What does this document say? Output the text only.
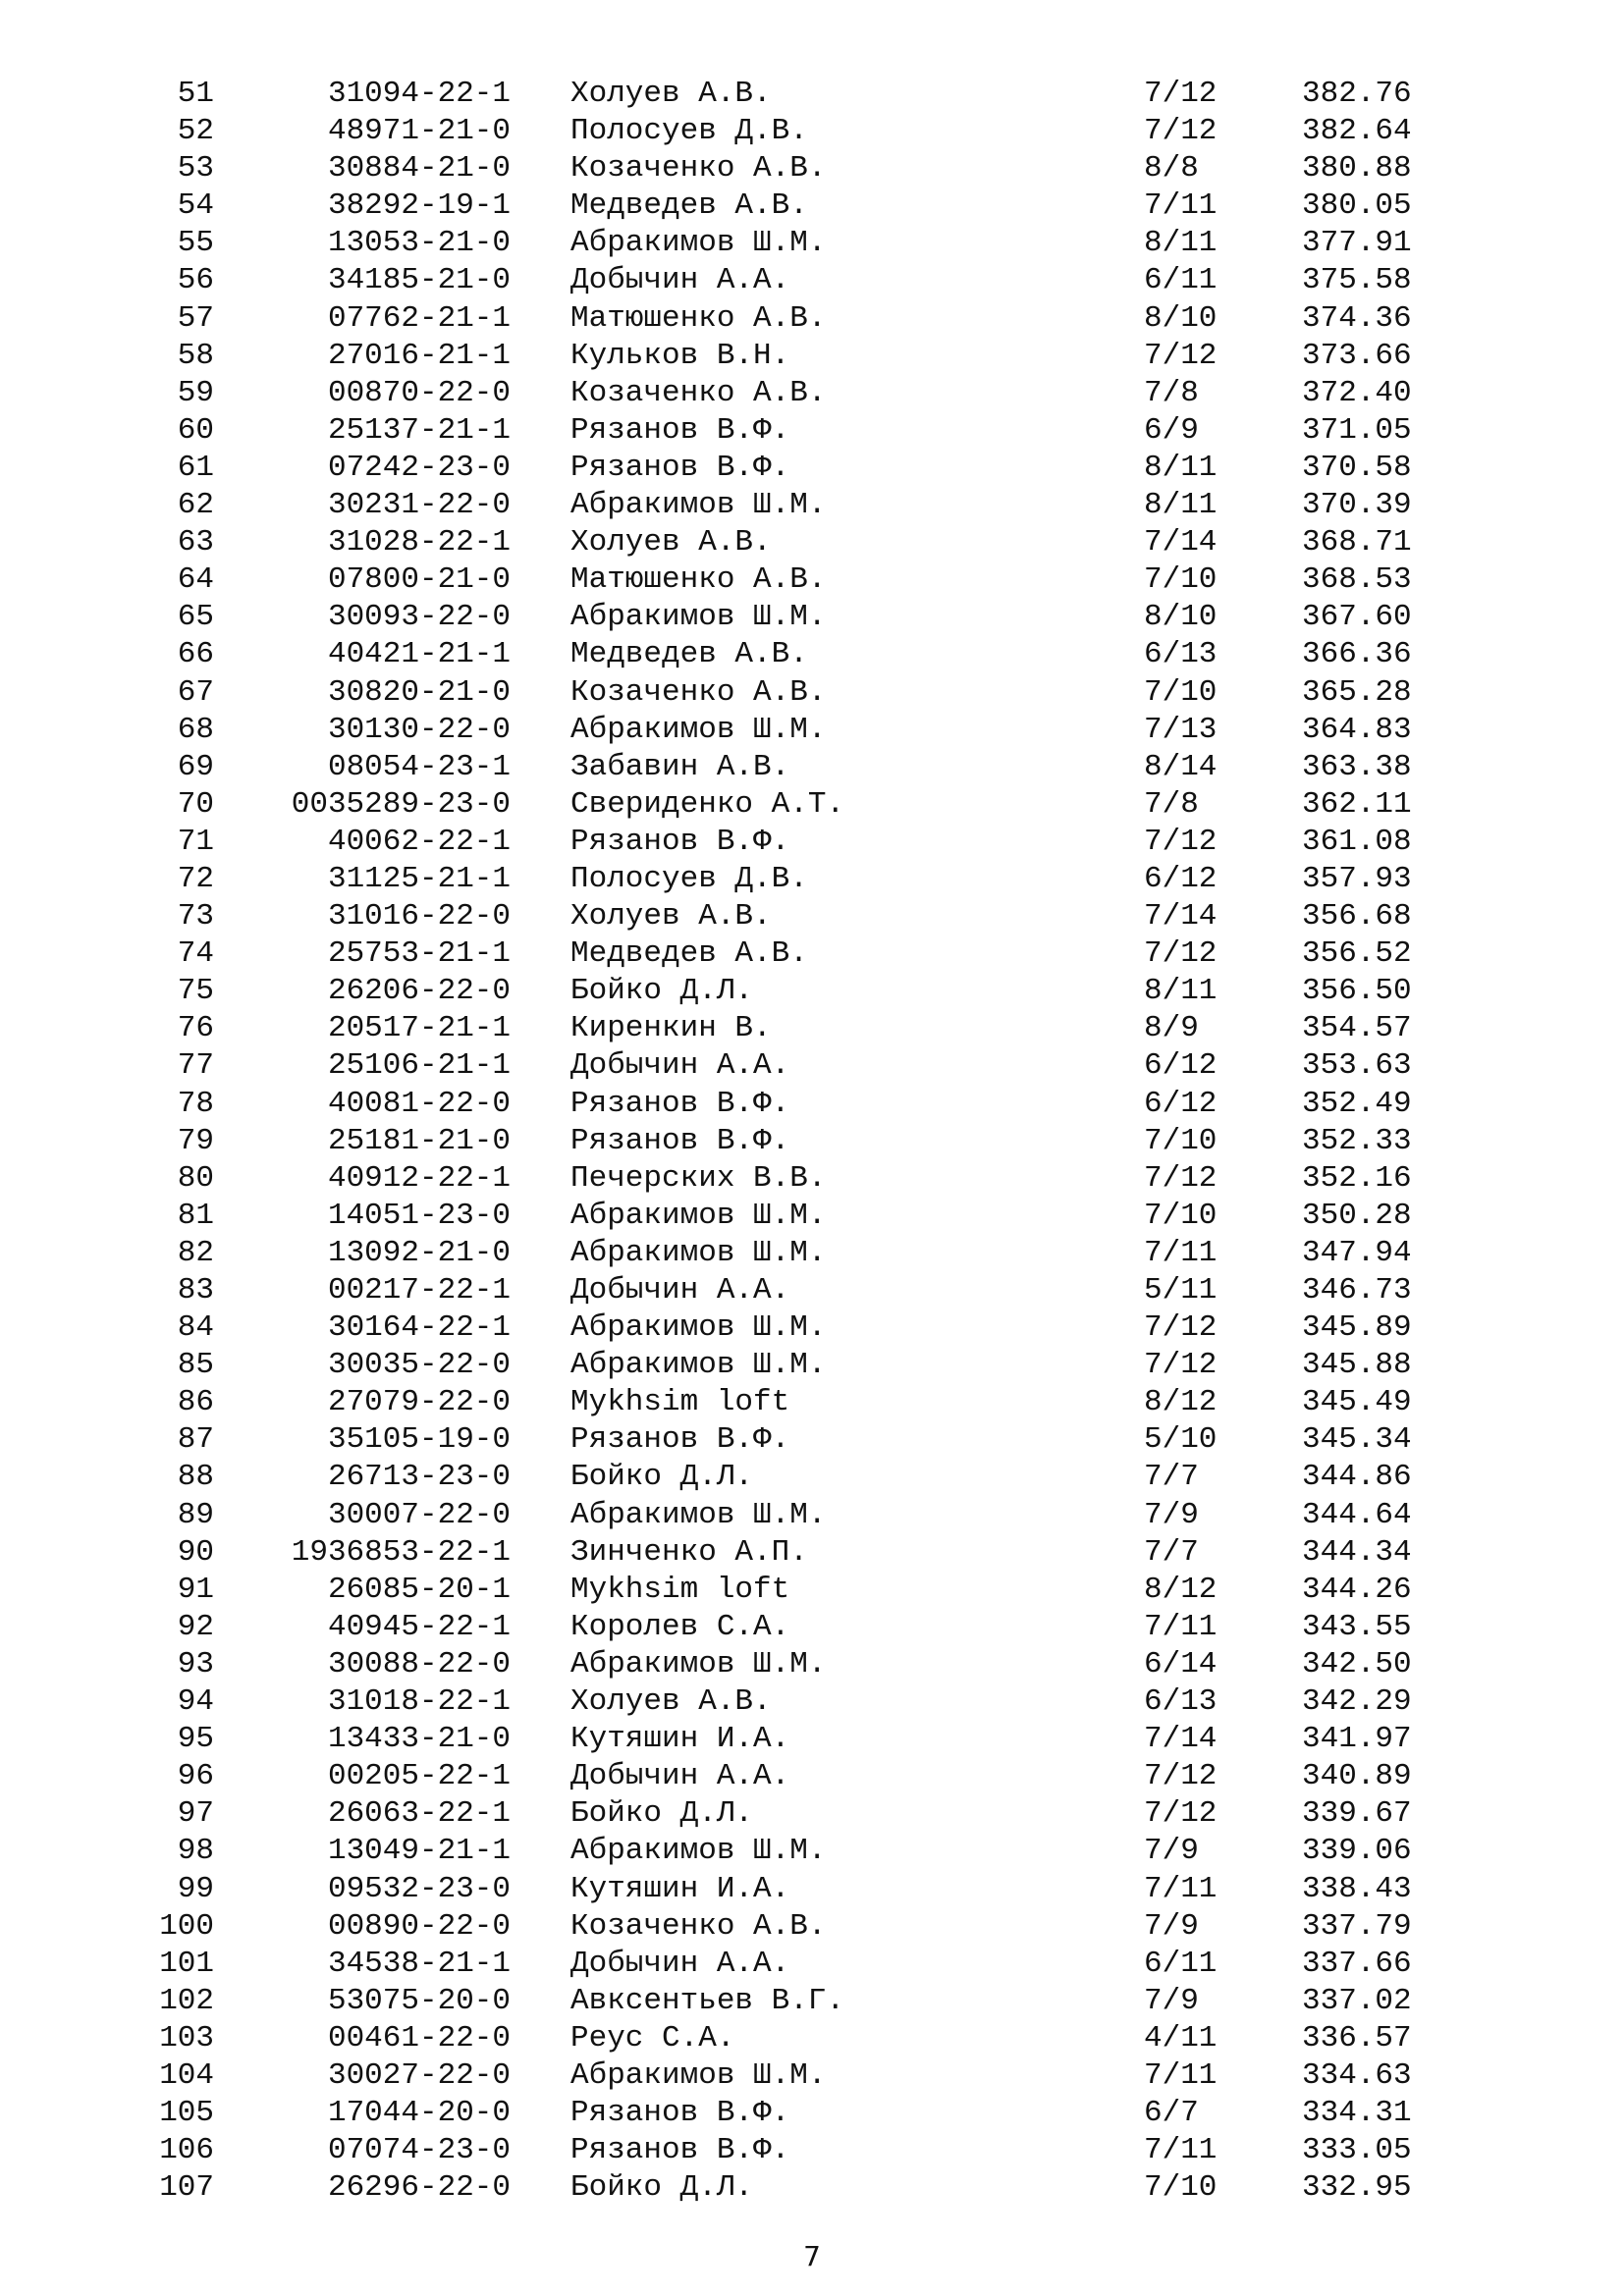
51	31094-22-1 Холуев А.В.	7/12	382.76
52	48971-21-0 Полосуев Д.В.	7/12	382.64
53	30884-21-0 Козаченко А.В.	8/8	380.88
54	38292-19-1 Медведев А.В.	7/11	380.05
55	13053-21-0 Абракимов Ш.М.	8/11	377.91
56	34185-21-0 Добычин А.А.	6/11	375.58
57	07762-21-1 Матюшенко А.В.	8/10	374.36
58	27016-21-1 Кульков В.Н.	7/12	373.66
59	00870-22-0 Козаченко А.В.	7/8	372.40
60	25137-21-1 Рязанов В.Ф.	6/9	371.05
61	07242-23-0 Рязанов В.Ф.	8/11	370.58
62	30231-22-0 Абракимов Ш.М.	8/11	370.39
63	31028-22-1 Холуев А.В.	7/14	368.71
64	07800-21-0 Матюшенко А.В.	7/10	368.53
65	30093-22-0 Абракимов Ш.М.	8/10	367.60
66	40421-21-1 Медведев А.В.	6/13	366.36
67	30820-21-0 Козаченко А.В.	7/10	365.28
68	30130-22-0 Абракимов Ш.М.	7/13	364.83
69	08054-23-1 Забавин А.В.	8/14	363.38
70	0035289-23-0 Свериденко А.Т.	7/8	362.11
71	40062-22-1 Рязанов В.Ф.	7/12	361.08
72	31125-21-1 Полосуев Д.В.	6/12	357.93
73	31016-22-0 Холуев А.В.	7/14	356.68
74	25753-21-1 Медведев А.В.	7/12	356.52
75	26206-22-0 Бойко Д.Л.	8/11	356.50
76	20517-21-1 Киренкин В.	8/9	354.57
77	25106-21-1 Добычин А.А.	6/12	353.63
78	40081-22-0 Рязанов В.Ф.	6/12	352.49
79	25181-21-0 Рязанов В.Ф.	7/10	352.33
80	40912-22-1 Печерских В.В.	7/12	352.16
81	14051-23-0 Абракимов Ш.М.	7/10	350.28
82	13092-21-0 Абракимов Ш.М.	7/11	347.94
83	00217-22-1 Добычин А.А.	5/11	346.73
84	30164-22-1 Абракимов Ш.М.	7/12	345.89
85	30035-22-0 Абракимов Ш.М.	7/12	345.88
86	27079-22-0 Mykhsim loft	8/12	345.49
87	35105-19-0 Рязанов В.Ф.	5/10	345.34
88	26713-23-0 Бойко Д.Л.	7/7	344.86
89	30007-22-0 Абракимов Ш.М.	7/9	344.64
90	1936853-22-1 Зинченко А.П.	7/7	344.34
91	26085-20-1 Mykhsim loft	8/12	344.26
92	40945-22-1 Королев С.А.	7/11	343.55
93	30088-22-0 Абракимов Ш.М.	6/14	342.50
94	31018-22-1 Холуев А.В.	6/13	342.29
95	13433-21-0 Кутяшин И.А.	7/14	341.97
96	00205-22-1 Добычин А.А.	7/12	340.89
97	26063-22-1 Бойко Д.Л.	7/12	339.67
98	13049-21-1 Абракимов Ш.М.	7/9	339.06
99	09532-23-0 Кутяшин И.А.	7/11	338.43
100	00890-22-0 Козаченко А.В.	7/9	337.79
101	34538-21-1 Добычин А.А.	6/11	337.66
102	53075-20-0 Авксентьев В.Г.	7/9	337.02
103	00461-22-0 Реус С.А.	4/11	336.57
104	30027-22-0 Абракимов Ш.М.	7/11	334.63
105	17044-20-0 Рязанов В.Ф.	6/7	334.31
106	07074-23-0 Рязанов В.Ф.	7/11	333.05
107	26296-22-0 Бойко Д.Л.	7/10	332.95
7
